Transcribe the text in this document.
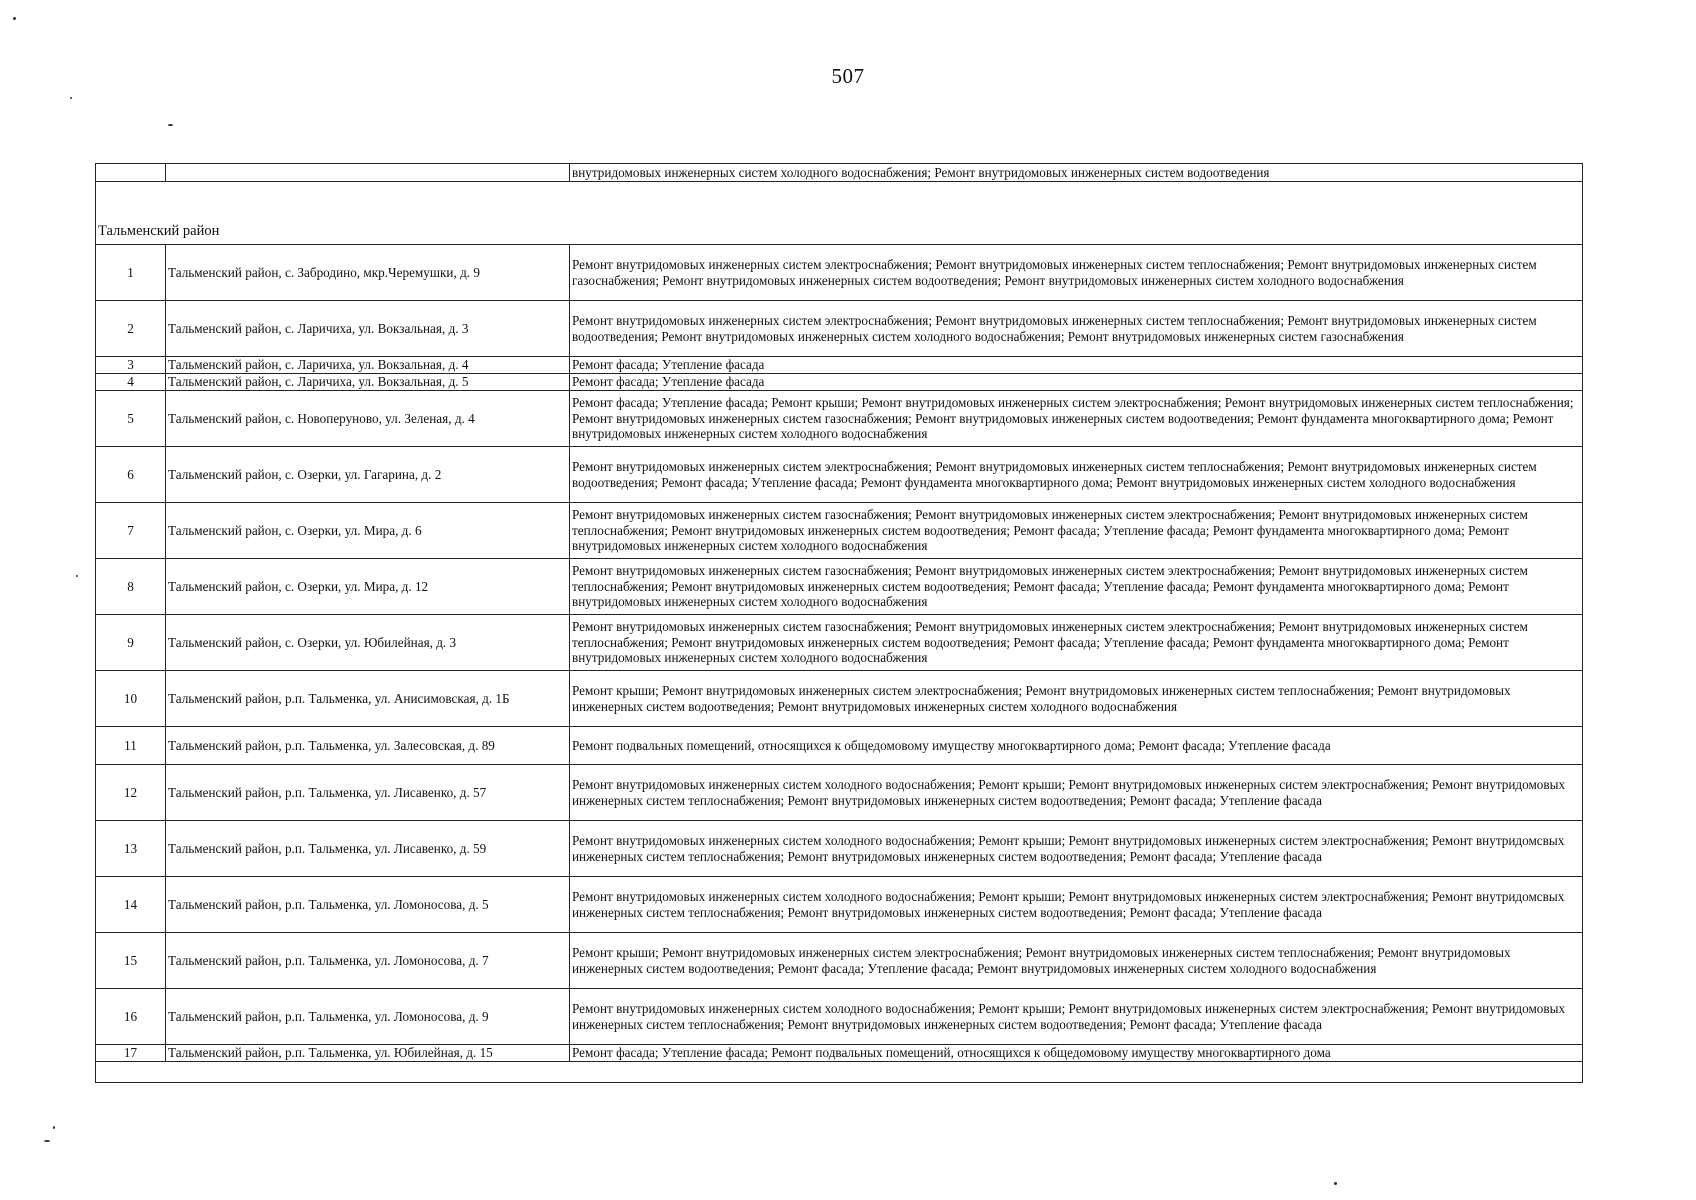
507
		внутридомовых инженерных систем холодного водоснабжения; Ремонт внутридомовых инженерных систем водоотведения

Тальменский район		
1	Тальменский район, с. Забродино, мкр.Черемушки, д. 9	Ремонт внутридомовых инженерных систем электроснабжения; Ремонт внутридомовых инженерных систем теплоснабжения; Ремонт внутридомовых инженерных систем газоснабжения; Ремонт внутридомовых инженерных систем водоотведения; Ремонт внутридомовых инженерных систем холодного водоснабжения
2	Тальменский район, с. Ларичиха, ул. Вокзальная, д. 3	Ремонт внутридомовых инженерных систем электроснабжения; Ремонт внутридомовых инженерных систем теплоснабжения; Ремонт внутридомовых инженерных систем водоотведения; Ремонт внутридомовых инженерных систем холодного водоснабжения; Ремонт внутридомовых инженерных систем газоснабжения
3	Тальменский район, с. Ларичиха, ул. Вокзальная, д. 4	Ремонт фасада; Утепление фасада
4	Тальменский район, с. Ларичиха, ул. Вокзальная, д. 5	Ремонт фасада; Утепление фасада
5	Тальменский район, с. Новоперуново, ул. Зеленая, д. 4	Ремонт фасада; Утепление фасада; Ремонт крыши; Ремонт внутридомовых инженерных систем электроснабжения; Ремонт внутридомовых инженерных систем теплоснабжения; Ремонт внутридомовых инженерных систем газоснабжения; Ремонт внутридомовых инженерных систем водоотведения; Ремонт фундамента многоквартирного дома; Ремонт внутридомовых инженерных систем холодного водоснабжения
6	Тальменский район, с. Озерки, ул. Гагарина, д. 2	Ремонт внутридомовых инженерных систем электроснабжения; Ремонт внутридомовых инженерных систем теплоснабжения; Ремонт внутридомовых инженерных систем водоотведения; Ремонт фасада; Утепление фасада; Ремонт фундамента многоквартирного дома; Ремонт внутридомовых инженерных систем холодного водоснабжения
7	Тальменский район, с. Озерки, ул. Мира, д. 6	Ремонт внутридомовых инженерных систем газоснабжения; Ремонт внутридомовых инженерных систем электроснабжения; Ремонт внутридомовых инженерных систем теплоснабжения; Ремонт внутридомовых инженерных систем водоотведения; Ремонт фасада; Утепление фасада; Ремонт фундамента многоквартирного дома; Ремонт внутридомовых инженерных систем холодного водоснабжения
8	Тальменский район, с. Озерки, ул. Мира, д. 12	Ремонт внутридомовых инженерных систем газоснабжения; Ремонт внутридомовых инженерных систем электроснабжения; Ремонт внутридомовых инженерных систем теплоснабжения; Ремонт внутридомовых инженерных систем водоотведения; Ремонт фасада; Утепление фасада; Ремонт фундамента многоквартирного дома; Ремонт внутридомовых инженерных систем холодного водоснабжения
9	Тальменский район, с. Озерки, ул. Юбилейная, д. 3	Ремонт внутридомовых инженерных систем газоснабжения; Ремонт внутридомовых инженерных систем электроснабжения; Ремонт внутридомовых инженерных систем теплоснабжения; Ремонт внутридомовых инженерных систем водоотведения; Ремонт фасада; Утепление фасада; Ремонт фундамента многоквартирного дома; Ремонт внутридомовых инженерных систем холодного водоснабжения
10	Тальменский район, р.п. Тальменка, ул. Анисимовская, д. 1Б	Ремонт крыши; Ремонт внутридомовых инженерных систем электроснабжения; Ремонт внутридомовых инженерных систем теплоснабжения; Ремонт внутридомовых инженерных систем водоотведения; Ремонт внутридомовых инженерных систем холодного водоснабжения
11	Тальменский район, р.п. Тальменка, ул. Залесовская, д. 89	Ремонт подвальных помещений, относящихся к общедомовому имуществу многоквартирного дома; Ремонт фасада; Утепление фасада
12	Тальменский район, р.п. Тальменка, ул. Лисавенко, д. 57	Ремонт внутридомовых инженерных систем холодного водоснабжения; Ремонт крыши; Ремонт внутридомовых инженерных систем электроснабжения; Ремонт внутридомовых инженерных систем теплоснабжения; Ремонт внутридомовых инженерных систем водоотведения; Ремонт фасада; Утепление фасада
13	Тальменский район, р.п. Тальменка, ул. Лисавенко, д. 59	Ремонт внутридомовых инженерных систем холодного водоснабжения; Ремонт крыши; Ремонт внутридомовых инженерных систем электроснабжения; Ремонт внутридомсвых инженерных систем теплоснабжения; Ремонт внутридомовых инженерных систем водоотведения; Ремонт фасада; Утепление фасада
14	Тальменский район, р.п. Тальменка, ул. Ломоносова, д. 5	Ремонт внутридомовых инженерных систем холодного водоснабжения; Ремонт крыши; Ремонт внутридомовых инженерных систем электроснабжения; Ремонт внутридомсвых инженерных систем теплоснабжения; Ремонт внутридомовых инженерных систем водоотведения; Ремонт фасада; Утепление фасада
15	Тальменский район, р.п. Тальменка, ул. Ломоносова, д. 7	Ремонт крыши; Ремонт внутридомовых инженерных систем электроснабжения; Ремонт внутридомовых инженерных систем теплоснабжения; Ремонт внутридомовых инженерных систем водоотведения; Ремонт фасада; Утепление фасада; Ремонт внутридомовых инженерных систем холодного водоснабжения
16	Тальменский район, р.п. Тальменка, ул. Ломоносова, д. 9	Ремонт внутридомовых инженерных систем холодного водоснабжения; Ремонт крыши; Ремонт внутридомовых инженерных систем электроснабжения; Ремонт внутридомовых инженерных систем теплоснабжения; Ремонт внутридомовых инженерных систем водоотведения; Ремонт фасада; Утепление фасада
17	Тальменский район, р.п. Тальменка, ул. Юбилейная, д. 15	Ремонт фасада; Утепление фасада; Ремонт подвальных помещений, относящихся к общедомовому имуществу многоквартирного дома
